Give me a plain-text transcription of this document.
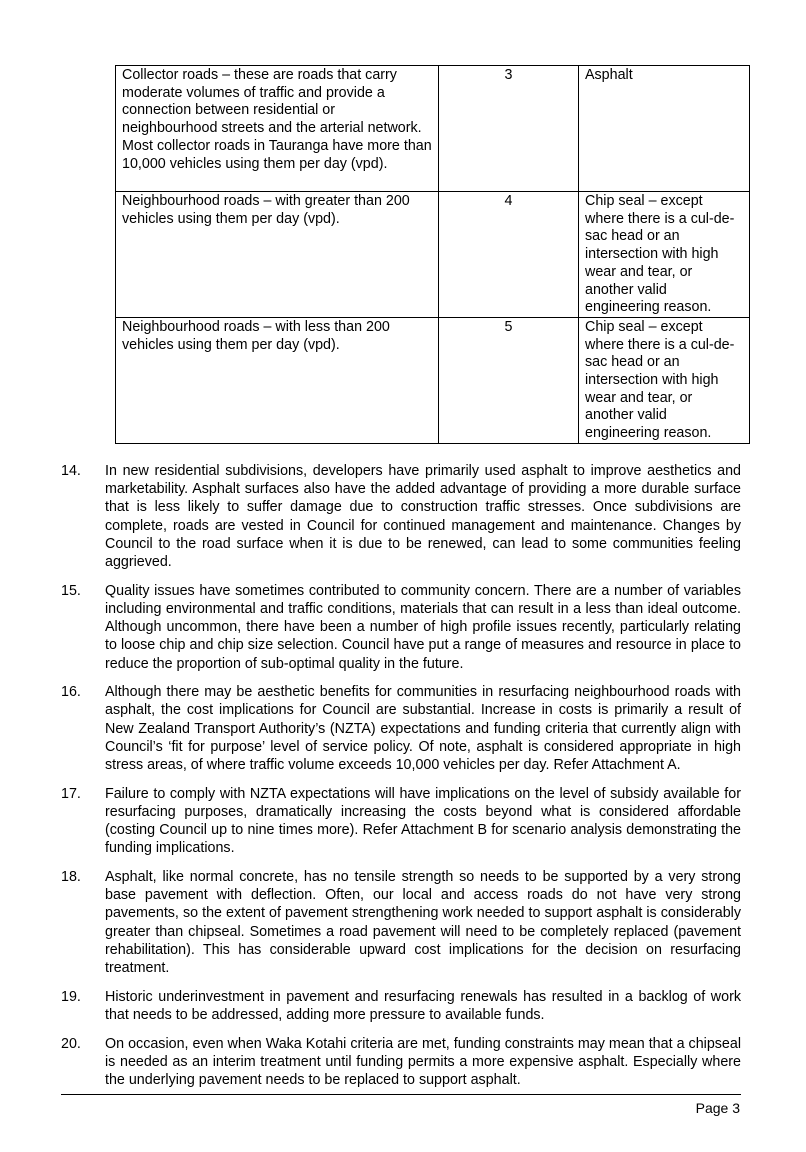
Collector roads – these are roads that carry moderate volumes of traffic and provide a connection between residential or neighbourhood streets and the arterial network. Most collector roads in Tauranga have more than 10,000 vehicles using them per day (vpd).	3	Asphalt
Neighbourhood roads – with greater than 200 vehicles using them per day (vpd).	4	Chip seal – except where there is a cul-de-sac head or an intersection with high wear and tear, or another valid engineering reason.
Neighbourhood roads – with less than 200 vehicles using them per day (vpd).	5	Chip seal – except where there is a cul-de-sac head or an intersection with high wear and tear, or another valid engineering reason.
14.	In new residential subdivisions, developers have primarily used asphalt to improve aesthetics and marketability. Asphalt surfaces also have the added advantage of providing a more durable surface that is less likely to suffer damage due to construction traffic stresses. Once subdivisions are complete, roads are vested in Council for continued management and maintenance. Changes by Council to the road surface when it is due to be renewed, can lead to some communities feeling aggrieved.
15.	Quality issues have sometimes contributed to community concern. There are a number of variables including environmental and traffic conditions, materials that can result in a less than ideal outcome. Although uncommon, there have been a number of high profile issues recently, particularly relating to loose chip and chip size selection. Council have put a range of measures and resource in place to reduce the proportion of sub-optimal quality in the future.
16.	Although there may be aesthetic benefits for communities in resurfacing neighbourhood roads with asphalt, the cost implications for Council are substantial. Increase in costs is primarily a result of New Zealand Transport Authority’s (NZTA) expectations and funding criteria that currently align with Council’s ‘fit for purpose’ level of service policy. Of note, asphalt is considered appropriate in high stress areas, of where traffic volume exceeds 10,000 vehicles per day. Refer Attachment A.
17.	Failure to comply with NZTA expectations will have implications on the level of subsidy available for resurfacing purposes, dramatically increasing the costs beyond what is considered affordable (costing Council up to nine times more). Refer Attachment B for scenario analysis demonstrating the funding implications.
18.	Asphalt, like normal concrete, has no tensile strength so needs to be supported by a very strong base pavement with deflection. Often, our local and access roads do not have very strong pavements, so the extent of pavement strengthening work needed to support asphalt is considerably greater than chipseal. Sometimes a road pavement will need to be completely replaced (pavement rehabilitation). This has considerable upward cost implications for the decision on resurfacing treatment.
19.	Historic underinvestment in pavement and resurfacing renewals has resulted in a backlog of work that needs to be addressed, adding more pressure to available funds.
20.	On occasion, even when Waka Kotahi criteria are met, funding constraints may mean that a chipseal is needed as an interim treatment until funding permits a more expensive asphalt. Especially where the underlying pavement needs to be replaced to support asphalt.
Page 3
